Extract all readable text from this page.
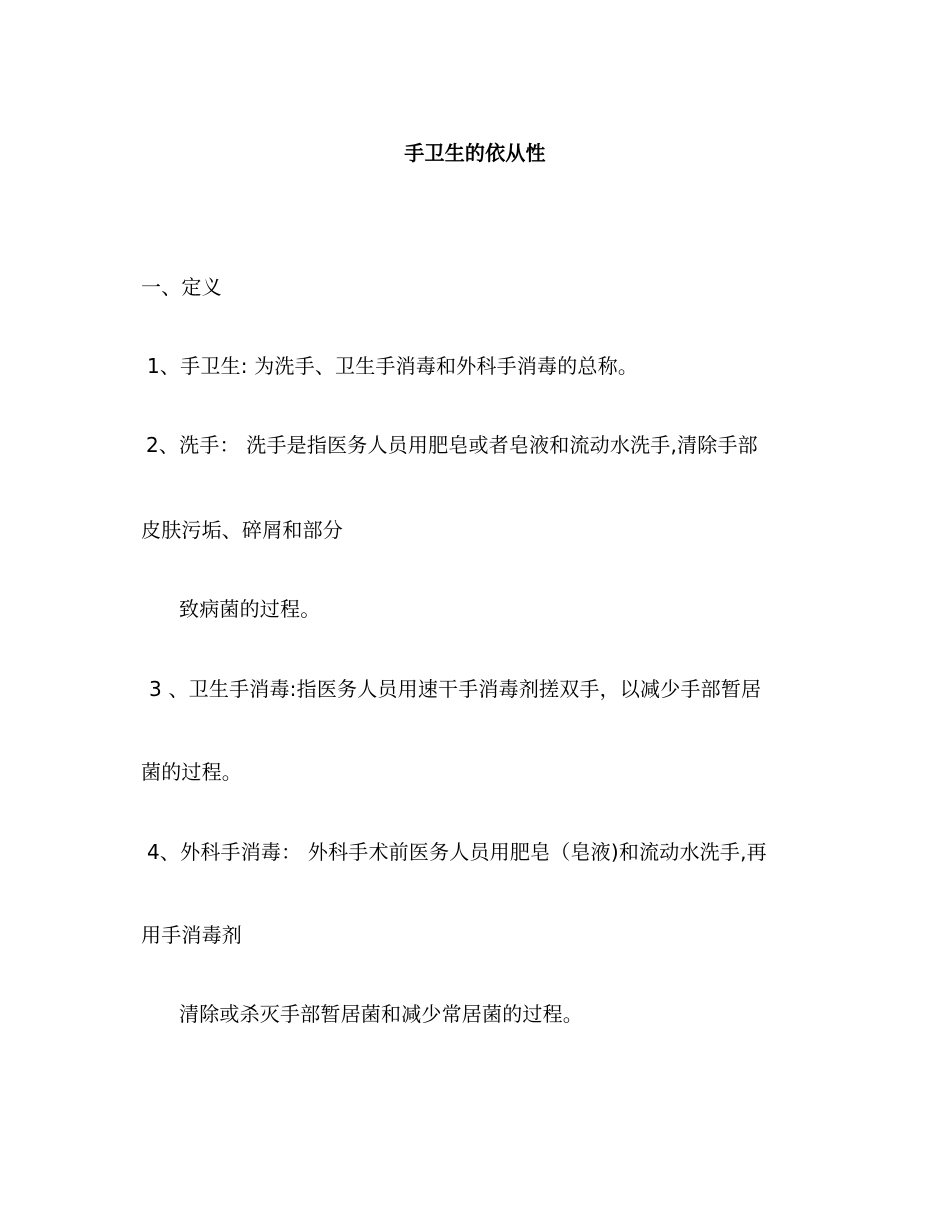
手卫生的依从性
一、定义
1、手卫生: 为洗手、卫生手消毒和外科手消毒的总称。
2、洗手： 洗手是指医务人员用肥皂或者皂液和流动水洗手,清除手部
皮肤污垢、碎屑和部分
致病菌的过程。
3 、卫生手消毒:指医务人员用速干手消毒剂搓双手，以减少手部暂居
菌的过程。
4、外科手消毒： 外科手术前医务人员用肥皂（皂液)和流动水洗手,再
用手消毒剂
清除或杀灭手部暂居菌和减少常居菌的过程。
